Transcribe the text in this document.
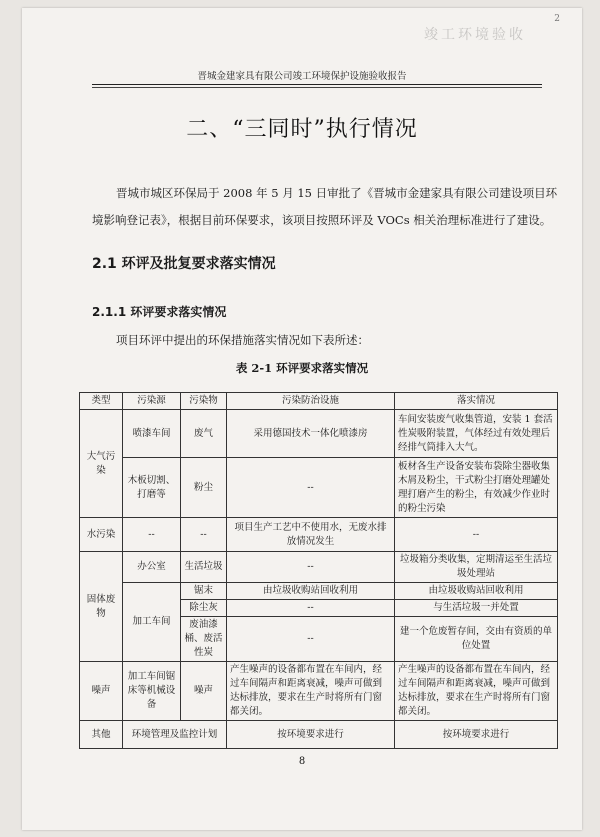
竣工环境验收
2
晋城金建家具有限公司竣工环境保护设施验收报告
二、“三同时”执行情况
晋城市城区环保局于 2008 年 5 月 15 日审批了《晋城市金建家具有限公司建设项目环境影响登记表》，根据目前环保要求，该项目按照环评及 VOCs 相关治理标准进行了建设。
2.1 环评及批复要求落实情况
2.1.1 环评要求落实情况
项目环评中提出的环保措施落实情况如下表所述：
表 2-1 环评要求落实情况
类型	污染源	污染物	污染防治设施	落实情况
大气污染	喷漆车间	废气	采用德国技术一体化喷漆房	车间安装废气收集管道，安装 1 套活性炭吸附装置，气体经过有效处理后经排气筒排入大气。
	木板切割、打磨等	粉尘	--	板材各生产设备安装布袋除尘器收集木屑及粉尘，干式粉尘打磨处理罐处理打磨产生的粉尘，有效减少作业时的粉尘污染
水污染	--	--	项目生产工艺中不使用水，无废水排放情况发生	--
固体废物	办公室	生活垃圾	--	垃圾箱分类收集，定期清运至生活垃圾处理站
	加工车间	锯末	由垃圾收购站回收利用	由垃圾收购站回收利用
		除尘灰	--	与生活垃圾一并处置
		废油漆桶、废活性炭	--	建一个危废暂存间，交由有资质的单位处置
噪声	加工车间锯床等机械设备	噪声	产生噪声的设备都布置在车间内，经过车间隔声和距离衰减，噪声可做到达标排放，要求在生产时将所有门窗都关闭。	产生噪声的设备都布置在车间内，经过车间隔声和距离衰减，噪声可做到达标排放，要求在生产时将所有门窗都关闭。
其他	环境管理及监控计划		按环境要求进行	按环境要求进行
8
